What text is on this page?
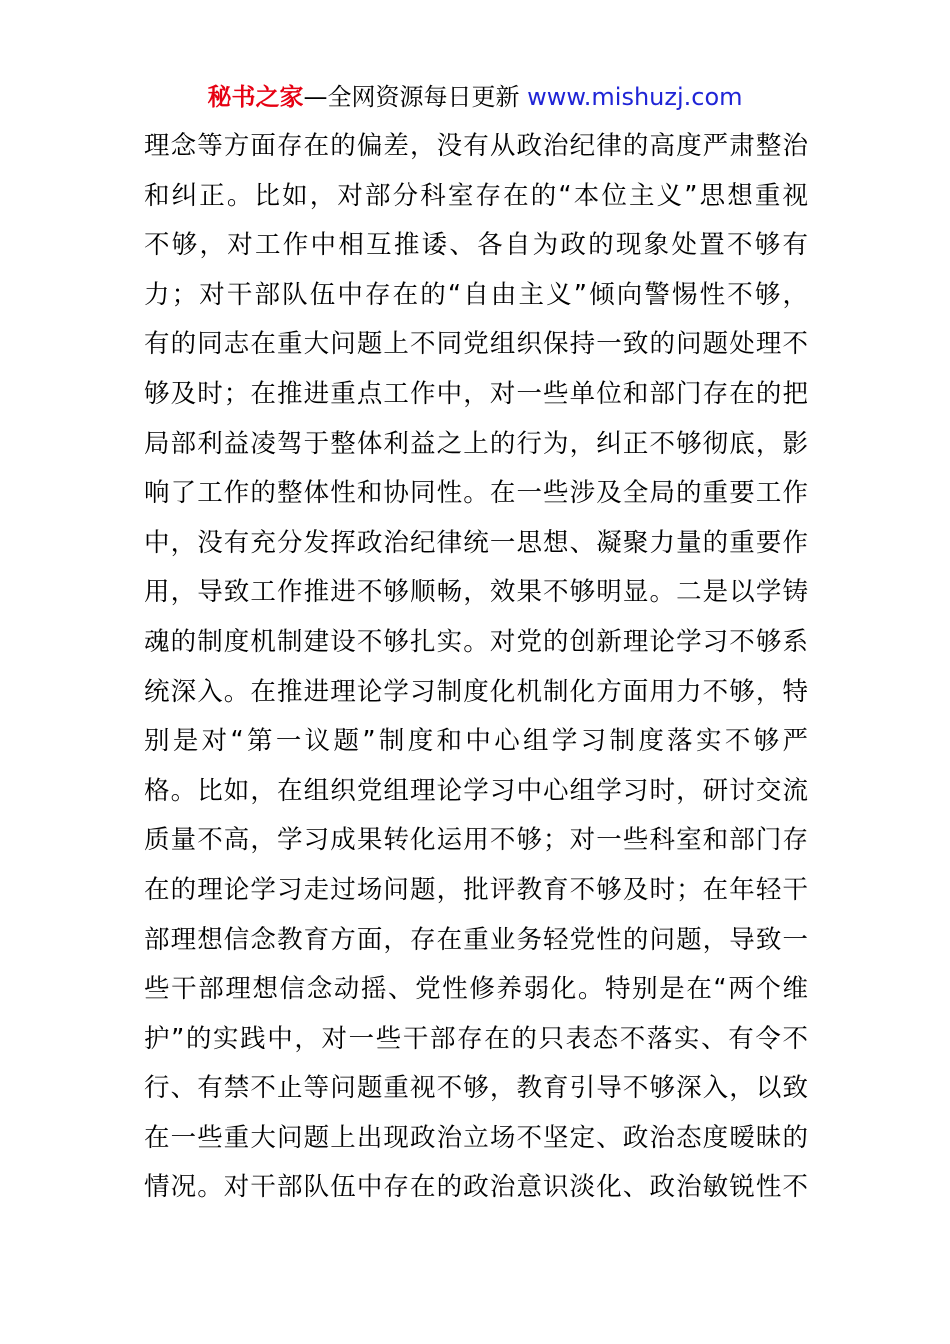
秘书之家—全网资源每日更新 www.mishuzj.com
理念等方面存在的偏差，没有从政治纪律的高度严肃整治
和纠正。比如，对部分科室存在的“本位主义”思想重视
不够，对工作中相互推诿、各自为政的现象处置不够有
力；对干部队伍中存在的“自由主义”倾向警惕性不够，
有的同志在重大问题上不同党组织保持一致的问题处理不
够及时；在推进重点工作中，对一些单位和部门存在的把
局部利益凌驾于整体利益之上的行为，纠正不够彻底，影
响了工作的整体性和协同性。在一些涉及全局的重要工作
中，没有充分发挥政治纪律统一思想、凝聚力量的重要作
用，导致工作推进不够顺畅，效果不够明显。二是以学铸
魂的制度机制建设不够扎实。对党的创新理论学习不够系
统深入。在推进理论学习制度化机制化方面用力不够，特
别是对“第一议题”制度和中心组学习制度落实不够严
格。比如，在组织党组理论学习中心组学习时，研讨交流
质量不高，学习成果转化运用不够；对一些科室和部门存
在的理论学习走过场问题，批评教育不够及时；在年轻干
部理想信念教育方面，存在重业务轻党性的问题，导致一
些干部理想信念动摇、党性修养弱化。特别是在“两个维
护”的实践中，对一些干部存在的只表态不落实、有令不
行、有禁不止等问题重视不够，教育引导不够深入，以致
在一些重大问题上出现政治立场不坚定、政治态度暧昧的
情况。对干部队伍中存在的政治意识淡化、政治敏锐性不
